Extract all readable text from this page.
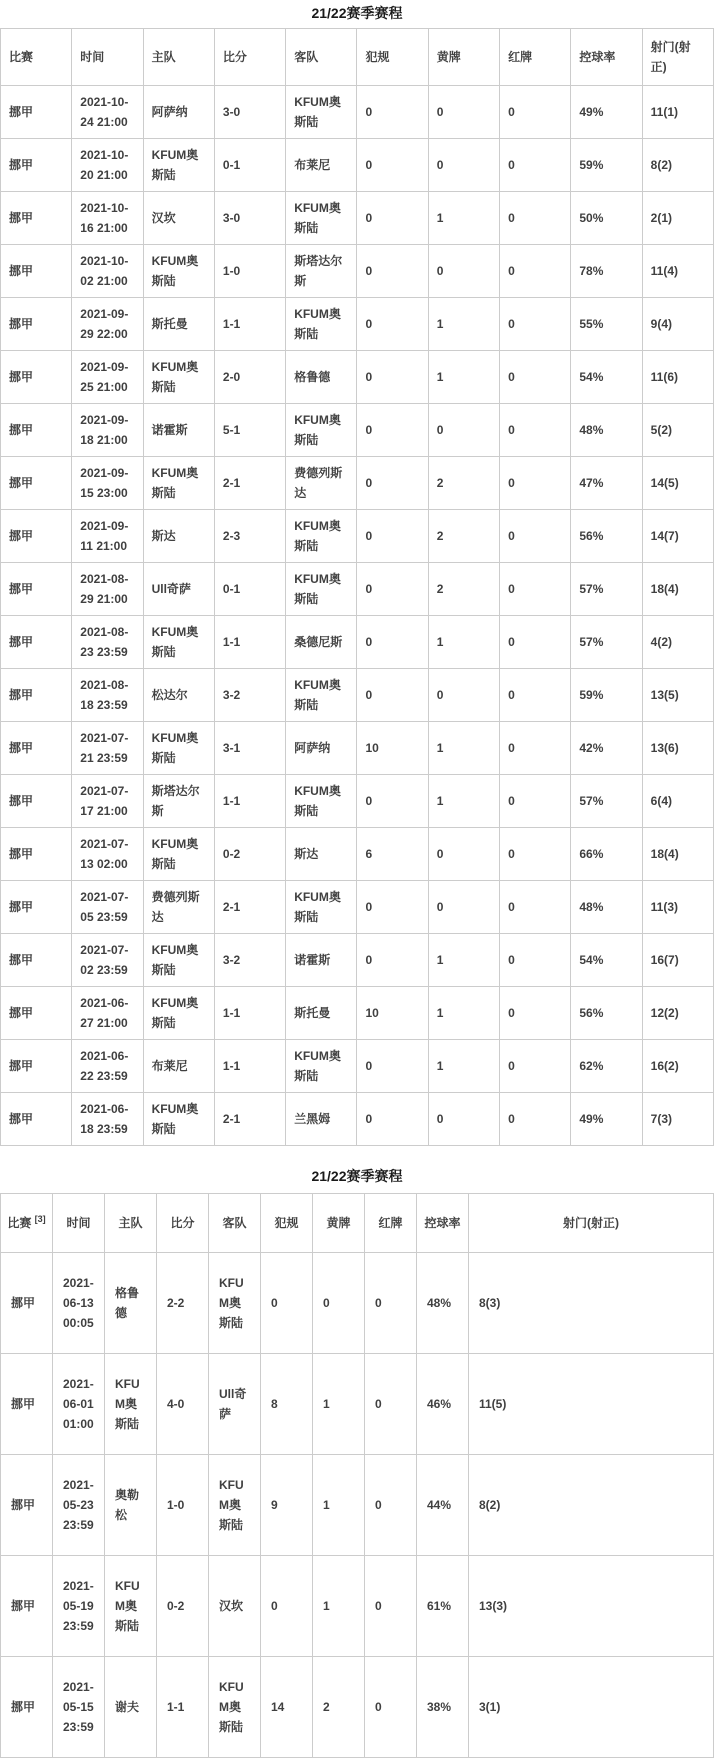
21/22赛季赛程
比赛	时间	主队	比分	客队	犯规	黄牌	红牌	控球率	射门(射正)
挪甲	2021-10-24 21:00	阿萨纳	3-0	KFUM奥斯陆	0	0	0	49%	11(1)
挪甲	2021-10-20 21:00	KFUM奥斯陆	0-1	布莱尼	0	0	0	59%	8(2)
挪甲	2021-10-16 21:00	汉坎	3-0	KFUM奥斯陆	0	1	0	50%	2(1)
挪甲	2021-10-02 21:00	KFUM奥斯陆	1-0	斯塔达尔斯	0	0	0	78%	11(4)
挪甲	2021-09-29 22:00	斯托曼	1-1	KFUM奥斯陆	0	1	0	55%	9(4)
挪甲	2021-09-25 21:00	KFUM奥斯陆	2-0	格鲁德	0	1	0	54%	11(6)
挪甲	2021-09-18 21:00	诺霍斯	5-1	KFUM奥斯陆	0	0	0	48%	5(2)
挪甲	2021-09-15 23:00	KFUM奥斯陆	2-1	费德列斯达	0	2	0	47%	14(5)
挪甲	2021-09-11 21:00	斯达	2-3	KFUM奥斯陆	0	2	0	56%	14(7)
挪甲	2021-08-29 21:00	Ull奇萨	0-1	KFUM奥斯陆	0	2	0	57%	18(4)
挪甲	2021-08-23 23:59	KFUM奥斯陆	1-1	桑德尼斯	0	1	0	57%	4(2)
挪甲	2021-08-18 23:59	松达尔	3-2	KFUM奥斯陆	0	0	0	59%	13(5)
挪甲	2021-07-21 23:59	KFUM奥斯陆	3-1	阿萨纳	10	1	0	42%	13(6)
挪甲	2021-07-17 21:00	斯塔达尔斯	1-1	KFUM奥斯陆	0	1	0	57%	6(4)
挪甲	2021-07-13 02:00	KFUM奥斯陆	0-2	斯达	6	0	0	66%	18(4)
挪甲	2021-07-05 23:59	费德列斯达	2-1	KFUM奥斯陆	0	0	0	48%	11(3)
挪甲	2021-07-02 23:59	KFUM奥斯陆	3-2	诺霍斯	0	1	0	54%	16(7)
挪甲	2021-06-27 21:00	KFUM奥斯陆	1-1	斯托曼	10	1	0	56%	12(2)
挪甲	2021-06-22 23:59	布莱尼	1-1	KFUM奥斯陆	0	1	0	62%	16(2)
挪甲	2021-06-18 23:59	KFUM奥斯陆	2-1	兰黑姆	0	0	0	49%	7(3)
21/22赛季赛程
比赛 [3]	时间	主队	比分	客队	犯规	黄牌	红牌	控球率	射门(射正)
挪甲	2021-06-13 00:05	格鲁德	2-2	KFUM奥斯陆	0	0	0	48%	8(3)
挪甲	2021-06-01 01:00	KFUM奥斯陆	4-0	Ull奇萨	8	1	0	46%	11(5)
挪甲	2021-05-23 23:59	奥勒松	1-0	KFUM奥斯陆	9	1	0	44%	8(2)
挪甲	2021-05-19 23:59	KFUM奥斯陆	0-2	汉坎	0	1	0	61%	13(3)
挪甲	2021-05-15 23:59	谢夫	1-1	KFUM奥斯陆	14	2	0	38%	3(1)
